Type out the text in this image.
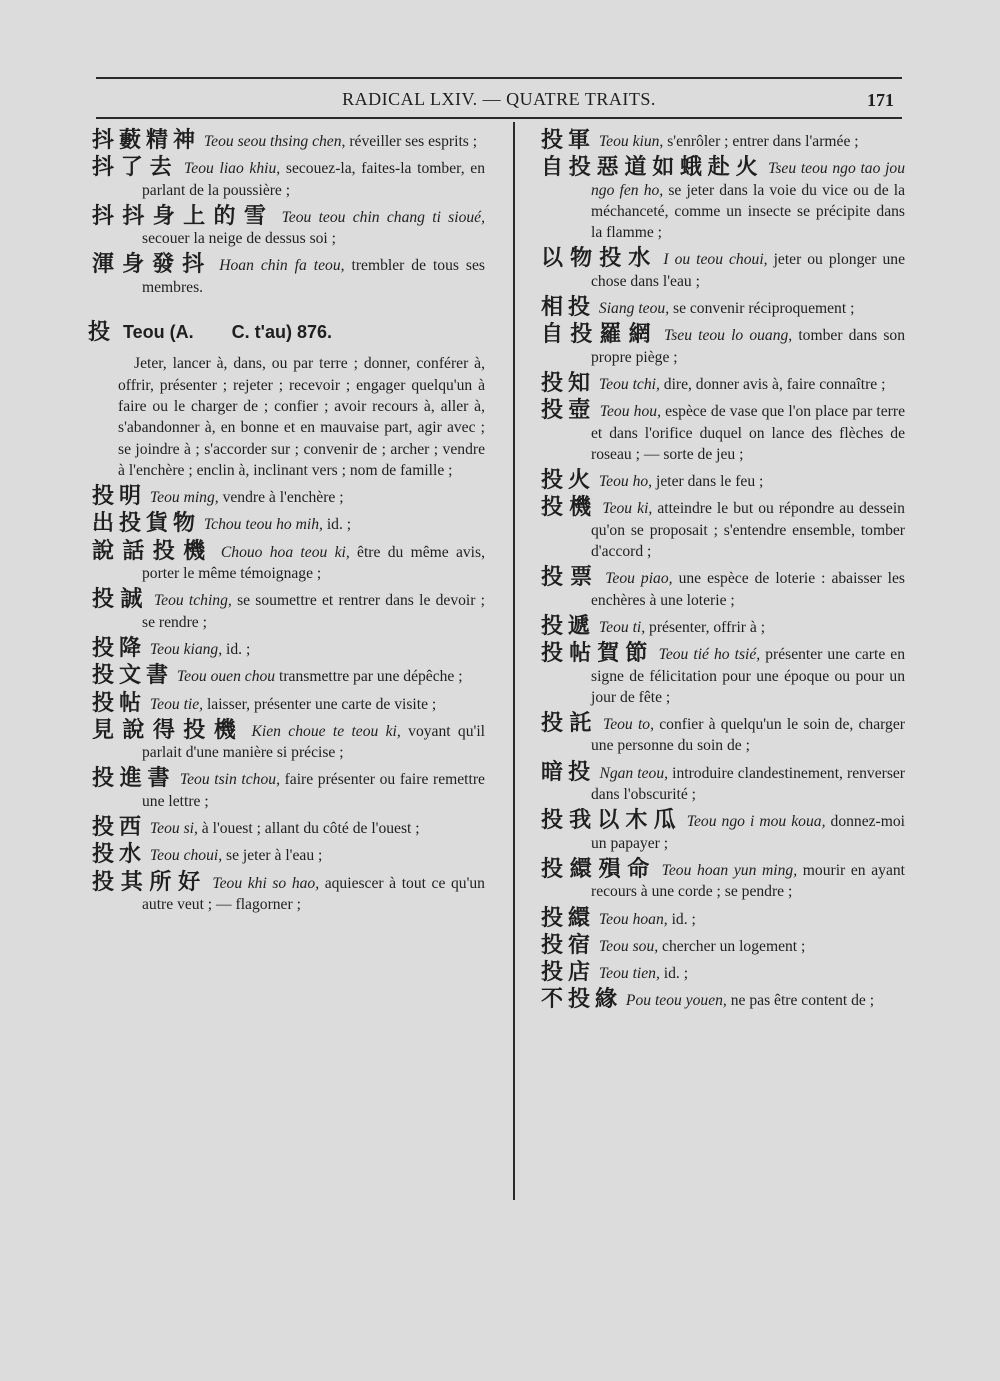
RADICAL LXIV. — QUATRE TRAITS.	171
抖藪精神 Teou seou thsing chen, réveiller ses esprits ;
抖了去 Teou liao khiu, secouez-la, faites-la tomber, en parlant de la poussière ;
抖抖身上的雪 Teou teou chin chang ti sioué, secouer la neige de dessus soi ;
渾身發抖 Hoan chin fa teou, trembler de tous ses membres.
投 Teou (A. C. t'au) 876.
Jeter, lancer à, dans, ou par terre ; donner, conférer à, offrir, présenter ; rejeter ; recevoir ; engager quelqu'un à faire ou le charger de ; confier ; avoir recours à, aller à, s'abandonner à, en bonne et en mauvaise part, agir avec ; se joindre à ; s'accorder sur ; convenir de ; archer ; vendre à l'enchère ; enclin à, inclinant vers ; nom de famille ;
投明 Teou ming, vendre à l'enchère ;
出投貨物 Tchou teou ho mih, id. ;
說話投機 Chouo hoa teou ki, être du même avis, porter le même témoignage ;
投誠 Teou tching, se soumettre et rentrer dans le devoir ; se rendre ;
投降 Teou kiang, id. ;
投文書 Teou ouen chou transmettre par une dépêche ;
投帖 Teou tie, laisser, présenter une carte de visite ;
見說得投機 Kien choue te teou ki, voyant qu'il parlait d'une manière si précise ;
投進書 Teou tsin tchou, faire présenter ou faire remettre une lettre ;
投西 Teou si, à l'ouest ; allant du côté de l'ouest ;
投水 Teou choui, se jeter à l'eau ;
投其所好 Teou khi so hao, aquiescer à tout ce qu'un autre veut ; — flagorner ;
投軍 Teou kiun, s'enrôler ; entrer dans l'armée ;
自投惡道如蛾赴火 Tseu teou ngo tao jou ngo fen ho, se jeter dans la voie du vice ou de la méchanceté, comme un insecte se précipite dans la flamme ;
以物投水 I ou teou choui, jeter ou plonger une chose dans l'eau ;
相投 Siang teou, se convenir réciproquement ;
自投羅網 Tseu teou lo ouang, tomber dans son propre piège ;
投知 Teou tchi, dire, donner avis à, faire connaître ;
投壺 Teou hou, espèce de vase que l'on place par terre et dans l'orifice duquel on lance des flèches de roseau ; — sorte de jeu ;
投火 Teou ho, jeter dans le feu ;
投機 Teou ki, atteindre le but ou répondre au dessein qu'on se proposait ; s'entendre ensemble, tomber d'accord ;
投票 Teou piao, une espèce de loterie : abaisser les enchères à une loterie ;
投遞 Teou ti, présenter, offrir à ;
投帖賀節 Teou tié ho tsié, présenter une carte en signe de félicitation pour une époque ou pour un jour de fête ;
投託 Teou to, confier à quelqu'un le soin de, charger une personne du soin de ;
暗投 Ngan teou, introduire clandestinement, renverser dans l'obscurité ;
投我以木瓜 Teou ngo i mou koua, donnez-moi un papayer ;
投繯殞命 Teou hoan yun ming, mourir en ayant recours à une corde ; se pendre ;
投繯 Teou hoan, id. ;
投宿 Teou sou, chercher un logement ;
投店 Teou tien, id. ;
不投緣 Pou teou youen, ne pas être content de ;
